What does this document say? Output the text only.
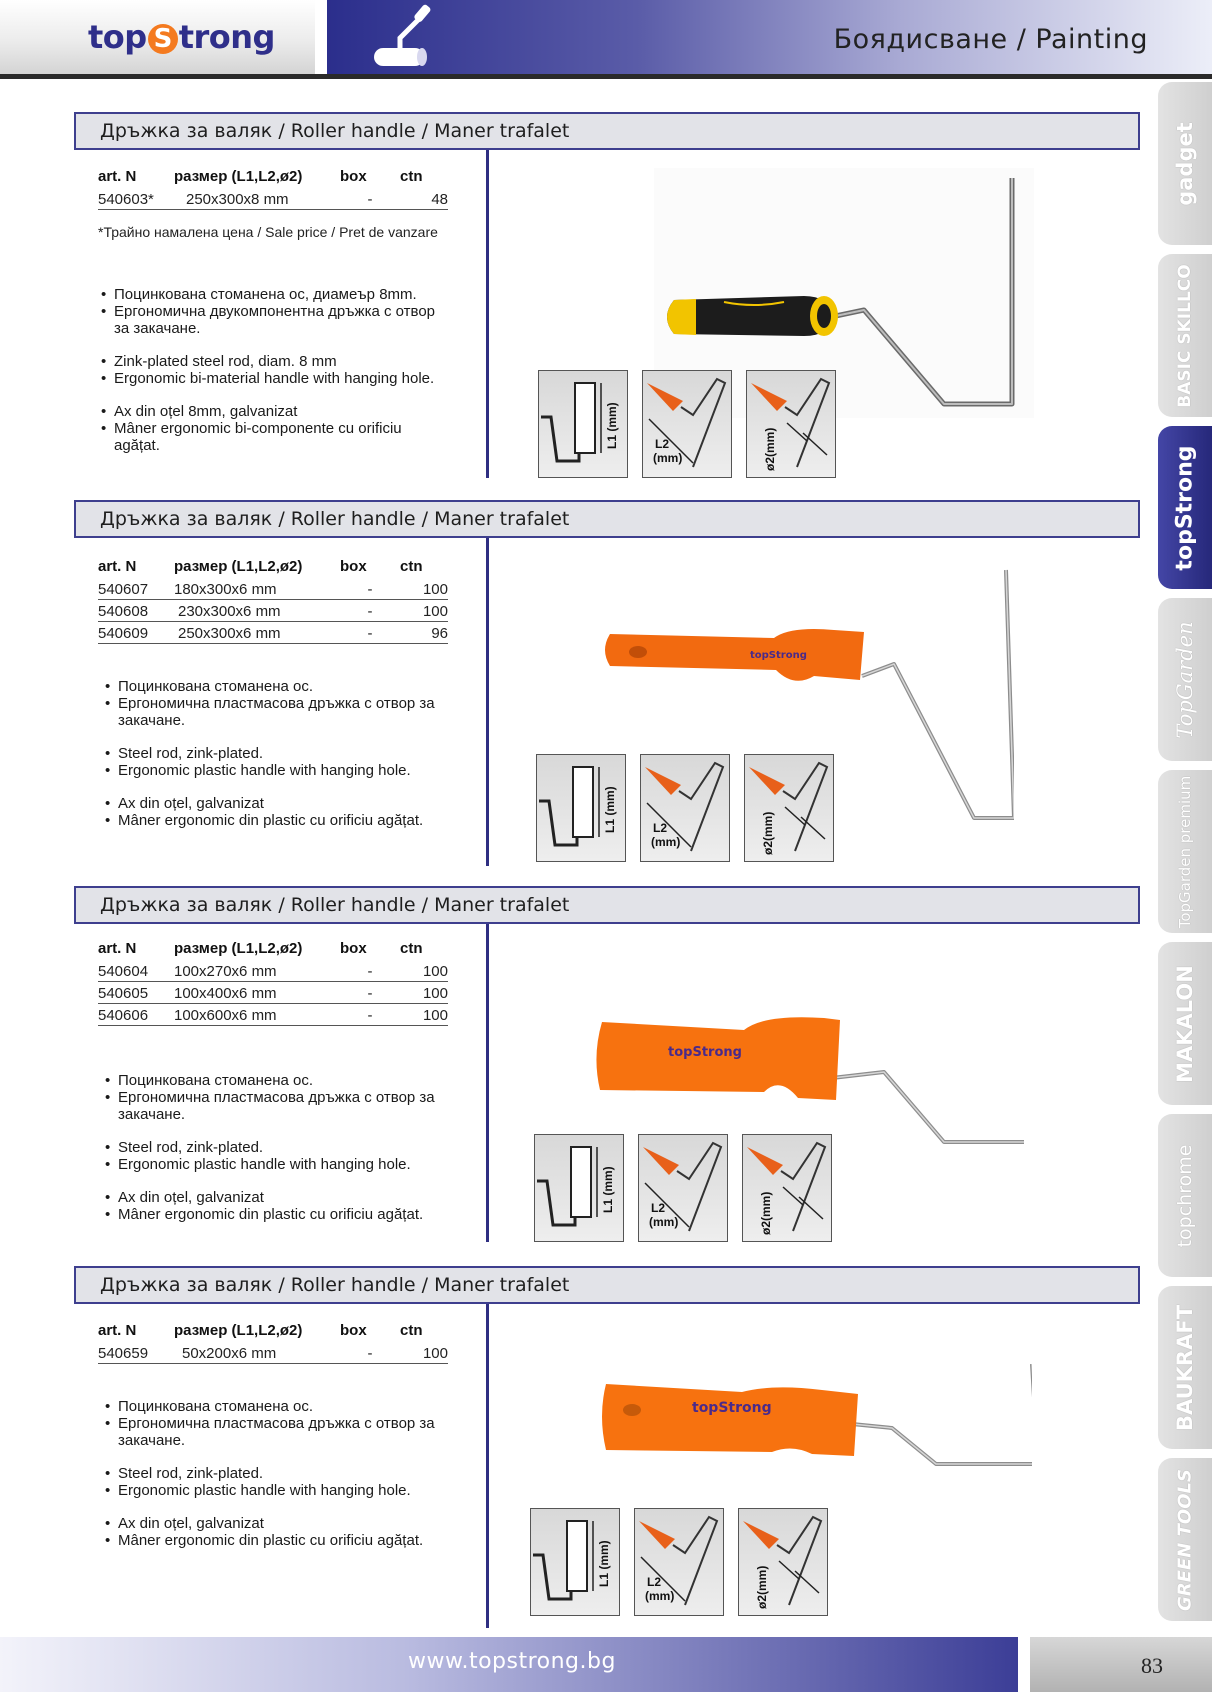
top S trong	Боядисване / Painting
gadget
BASIC SKILLCO
topStrong
TopGarden
TopGarden premium
MAKALON
topchrome
BAUKRAFT
GREEN TOOLS
Дръжка за валяк / Roller handle / Maner trafalet
art. N	размер (L1,L2,ø2)	box	ctn
540603*	250x300x8 mm	-	48
*Трайно намалена цена / Sale price / Pret de vanzare
• Поцинкована стоманена ос, диамеър 8mm.
• Ергономична двукомпонентна дръжка с отвор за закачане.
• Zink-plated steel rod, diam. 8 mm
• Ergonomic bi-material handle with hanging hole.
• Ax din oțel 8mm, galvanizat
• Mâner ergonomic bi-componente cu orificiu agățat.	L1 (mm)	L2
(mm)	ø2(mm)
Дръжка за валяк / Roller handle / Maner trafalet
art. N	размер (L1,L2,ø2)	box	ctn
540607	180x300x6 mm	-	100
540608	230x300x6 mm	-	100
540609	250x300x6 mm	-	96
• Поцинкована стоманена ос.
• Ергономична пластмасова дръжка с отвор за закачане.
• Steel rod, zink-plated.
• Ergonomic plastic handle with hanging hole.
• Ax din oțel, galvanizat
• Mâner ergonomic din plastic cu orificiu agățat.
topStrong
L1 (mm)	L2
(mm)	ø2(mm)
Дръжка за валяк / Roller handle / Maner trafalet
art. N	размер (L1,L2,ø2)	box	ctn
540604	100x270x6 mm	-	100
540605	100x400x6 mm	-	100
540606	100x600x6 mm	-	100
• Поцинкована стоманена ос.
• Ергономична пластмасова дръжка с отвор за закачане.
• Steel rod, zink-plated.
• Ergonomic plastic handle with hanging hole.
• Ax din oțel, galvanizat
• Mâner ergonomic din plastic cu orificiu agățat.
topStrong
L1 (mm)	L2
(mm)	ø2(mm)
Дръжка за валяк / Roller handle / Maner trafalet
art. N	размер (L1,L2,ø2)	box	ctn
540659	50x200x6 mm	-	100
• Поцинкована стоманена ос.
• Ергономична пластмасова дръжка с отвор за закачане.
• Steel rod, zink-plated.
• Ergonomic plastic handle with hanging hole.
• Ax din oțel, galvanizat
• Mâner ergonomic din plastic cu orificiu agățat.
topStrong
L1 (mm)	L2
(mm)	ø2(mm)
www.topstrong.bg	83
